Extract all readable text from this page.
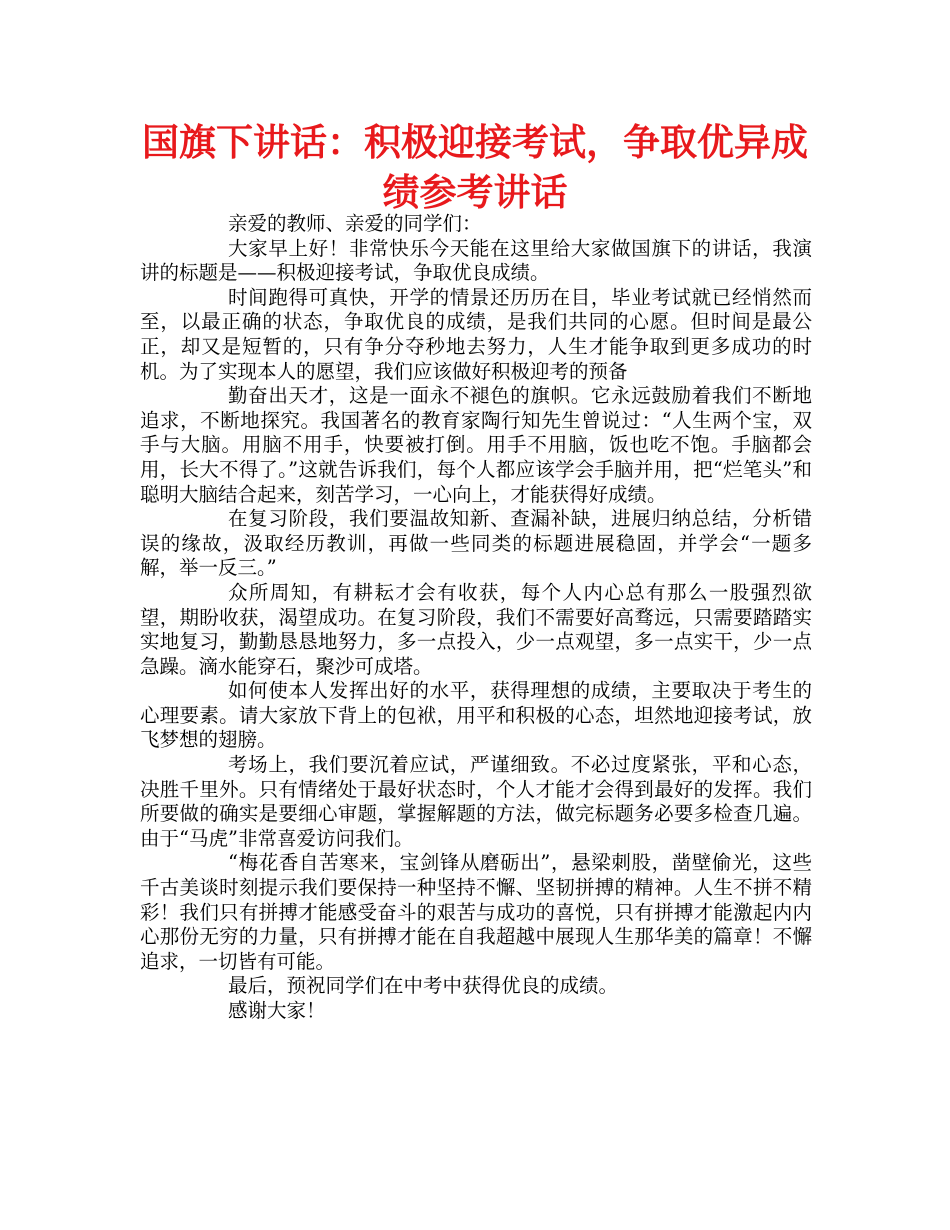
国旗下讲话：积极迎接考试，争取优异成
绩参考讲话

亲爱的教师、亲爱的同学们：

大家早上好！非常快乐今天能在这里给大家做国旗下的讲话，我演讲的标题是——积极迎接考试，争取优良成绩。

时间跑得可真快，开学的情景还历历在目，毕业考试就已经悄然而至，以最正确的状态，争取优良的成绩，是我们共同的心愿。但时间是最公正，却又是短暂的，只有争分夺秒地去努力，人生才能争取到更多成功的时机。为了实现本人的愿望，我们应该做好积极迎考的预备

勤奋出天才，这是一面永不褪色的旗帜。它永远鼓励着我们不断地追求，不断地探究。我国著名的教育家陶行知先生曾说过：“人生两个宝，双手与大脑。用脑不用手，快要被打倒。用手不用脑，饭也吃不饱。手脑都会用，长大不得了。”这就告诉我们，每个人都应该学会手脑并用，把“烂笔头”和聪明大脑结合起来，刻苦学习，一心向上，才能获得好成绩。

在复习阶段，我们要温故知新、查漏补缺，进展归纳总结，分析错误的缘故，汲取经历教训，再做一些同类的标题进展稳固，并学会“一题多解，举一反三。”

众所周知，有耕耘才会有收获，每个人内心总有那么一股强烈欲望，期盼收获，渴望成功。在复习阶段，我们不需要好高骛远，只需要踏踏实实地复习，勤勤恳恳地努力，多一点投入，少一点观望，多一点实干，少一点急躁。滴水能穿石，聚沙可成塔。

如何使本人发挥出好的水平，获得理想的成绩，主要取决于考生的心理要素。请大家放下背上的包袱，用平和积极的心态，坦然地迎接考试，放飞梦想的翅膀。

考场上，我们要沉着应试，严谨细致。不必过度紧张，平和心态，决胜千里外。只有情绪处于最好状态时，个人才能才会得到最好的发挥。我们所要做的确实是要细心审题，掌握解题的方法，做完标题务必要多检查几遍。由于“马虎”非常喜爱访问我们。

“梅花香自苦寒来，宝剑锋从磨砺出”，悬梁刺股，凿壁偷光，这些千古美谈时刻提示我们要保持一种坚持不懈、坚韧拼搏的精神。人生不拼不精彩！我们只有拼搏才能感受奋斗的艰苦与成功的喜悦，只有拼搏才能激起内内心那份无穷的力量，只有拼搏才能在自我超越中展现人生那华美的篇章！不懈追求，一切皆有可能。

最后，预祝同学们在中考中获得优良的成绩。

感谢大家！
